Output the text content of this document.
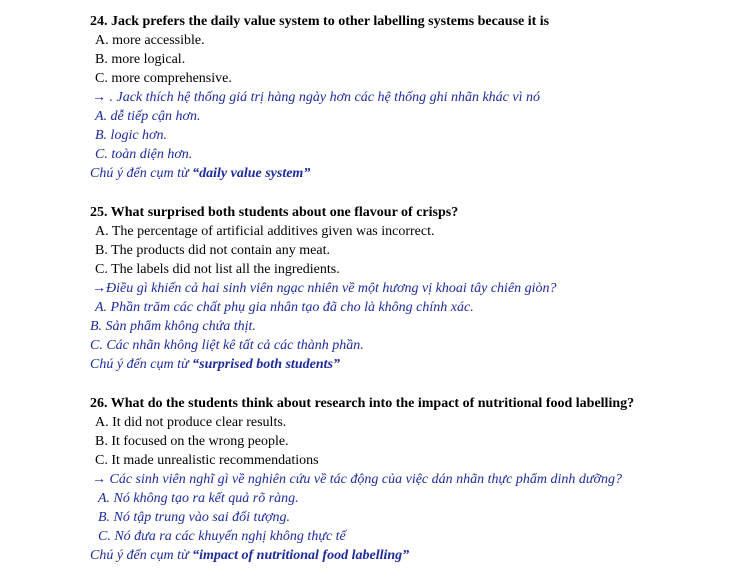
24. Jack prefers the daily value system to other labelling systems because it is
A. more accessible.
B. more logical.
C. more comprehensive.
→ . Jack thích hệ thống giá trị hàng ngày hơn các hệ thống ghi nhãn khác vì nó
A. dễ tiếp cận hơn.
B. logic hơn.
C. toàn diện hơn.
Chú ý đến cụm từ “daily value system”
25. What surprised both students about one flavour of crisps?
A. The percentage of artificial additives given was incorrect.
B. The products did not contain any meat.
C. The labels did not list all the ingredients.
→Điều gì khiến cả hai sinh viên ngạc nhiên về một hương vị khoai tây chiên giòn?
A. Phần trăm các chất phụ gia nhân tạo đã cho là không chính xác.
B. Sản phẩm không chứa thịt.
C. Các nhãn không liệt kê tất cả các thành phần.
Chú ý đến cụm từ “surprised both students”
26. What do the students think about research into the impact of nutritional food labelling?
A. It did not produce clear results.
B. It focused on the wrong people.
C. It made unrealistic recommendations
→ Các sinh viên nghĩ gì về nghiên cứu về tác động của việc dán nhãn thực phẩm dinh dưỡng?
A. Nó không tạo ra kết quả rõ ràng.
B. Nó tập trung vào sai đối tượng.
C. Nó đưa ra các khuyến nghị không thực tế
Chú ý đến cụm từ “impact of nutritional food labelling”
